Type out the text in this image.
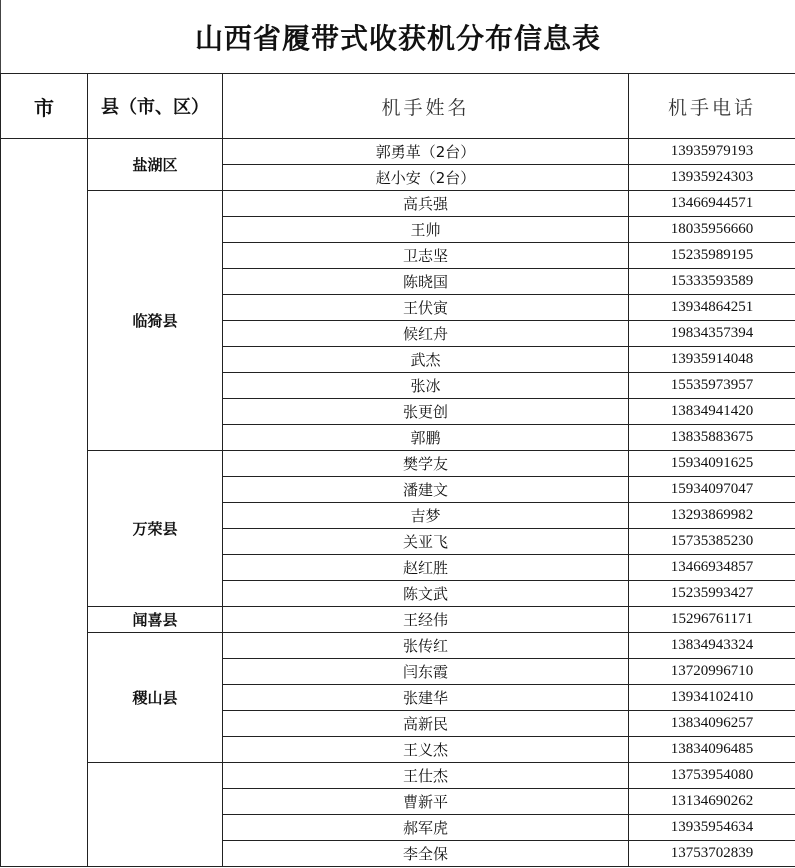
山西省履带式收获机分布信息表
市	县（市、区）	机手姓名	机手电话
	盐湖区	郭勇革（2台）	13935979193
		赵小安（2台）	13935924303
	临猗县	高兵强	13466944571
		王帅	18035956660
		卫志坚	15235989195
		陈晓国	15333593589
		王伏寅	13934864251
		候红舟	19834357394
		武杰	13935914048
		张冰	15535973957
		张更创	13834941420
		郭鹏	13835883675
	万荣县	樊学友	15934091625
		潘建文	15934097047
		吉梦	13293869982
		关亚飞	15735385230
		赵红胜	13466934857
		陈文武	15235993427
	闻喜县	王经伟	15296761171
	稷山县	张传红	13834943324
		闫东霞	13720996710
		张建华	13934102410
		高新民	13834096257
		王义杰	13834096485
		王仕杰	13753954080
		曹新平	13134690262
		郝军虎	13935954634
		李全保	13753702839
